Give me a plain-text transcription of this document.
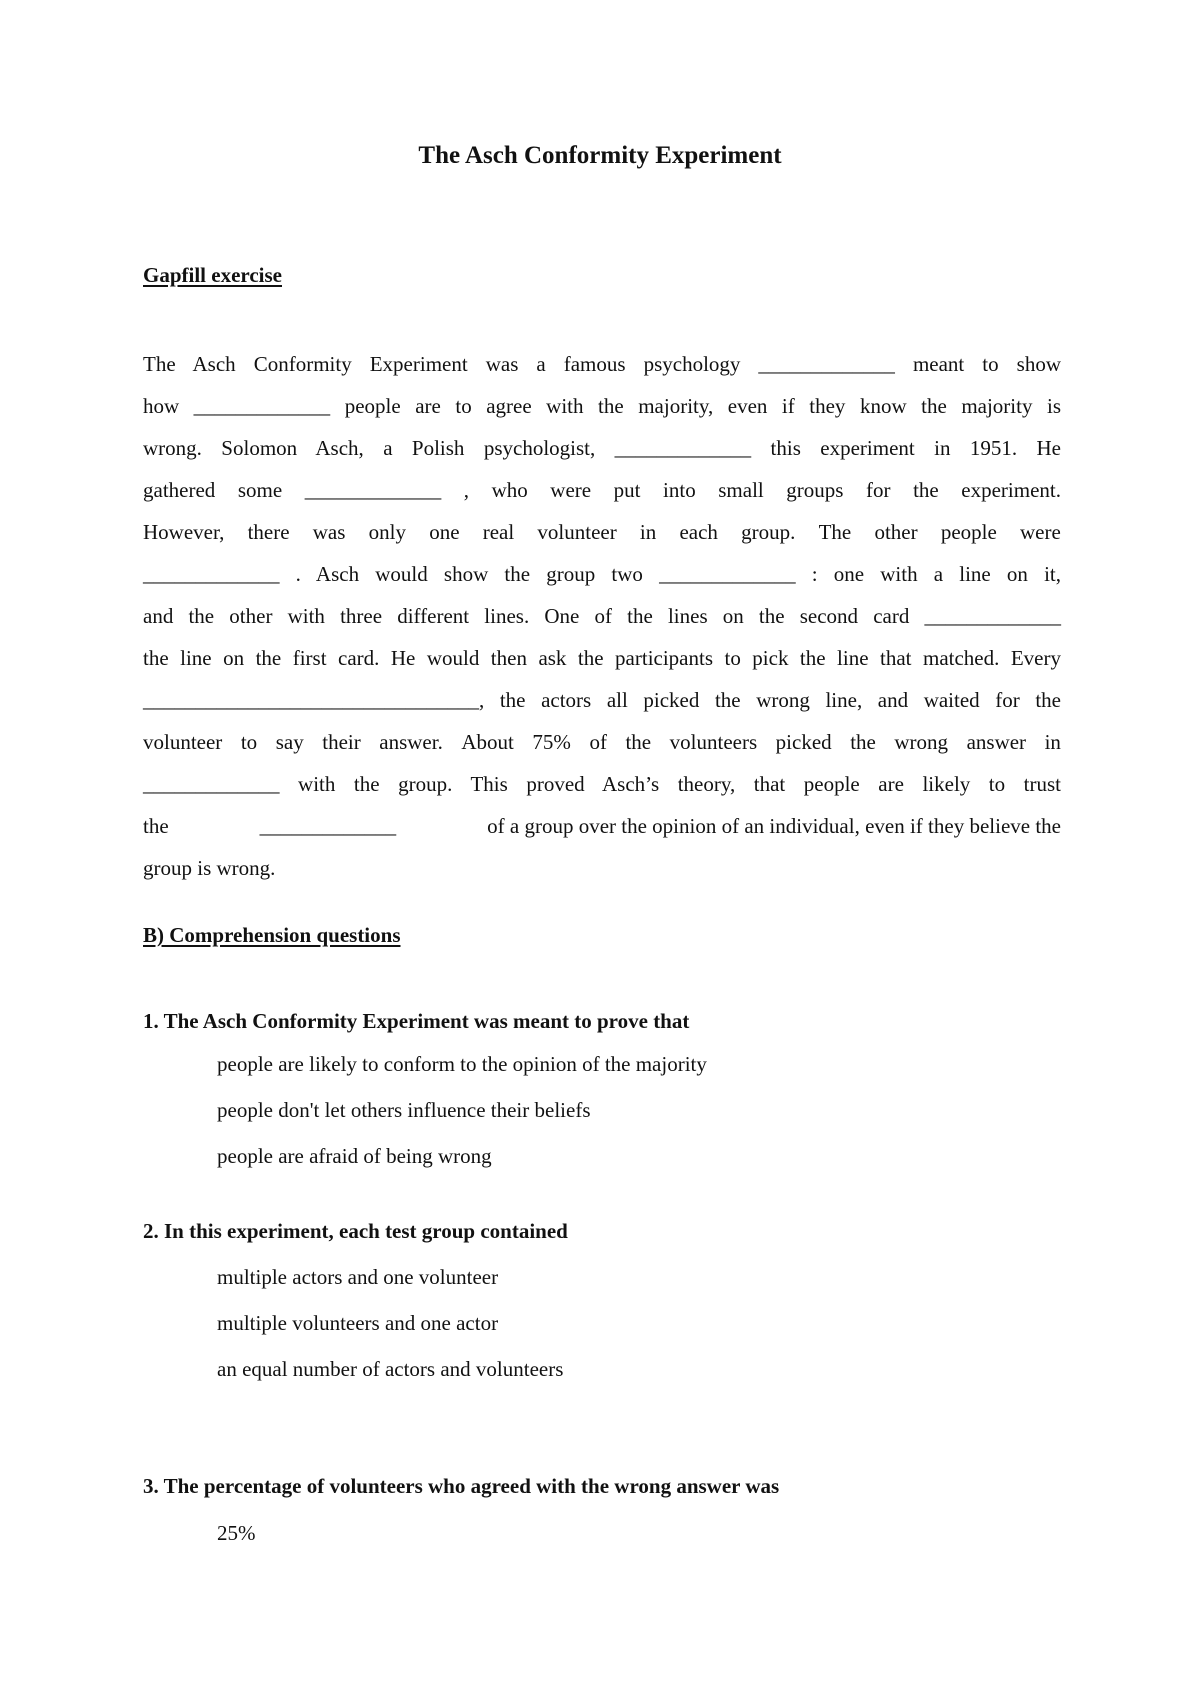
The Asch Conformity Experiment
Gapfill exercise
The Asch Conformity Experiment was a famous psychology _____________ meant to show
how _____________ people are to agree with the majority, even if they know the majority is
wrong. Solomon Asch, a Polish psychologist, _____________ this experiment in 1951. He
gathered some _____________ , who were put into small groups for the experiment.
However, there was only one real volunteer in each group. The other people were
_____________ . Asch would show the group two _____________ : one with a line on it,
and the other with three different lines. One of the lines on the second card _____________
the line on the first card. He would then ask the participants to pick the line that matched. Every
________________________________, the actors all picked the wrong line, and waited for the
volunteer to say their answer. About 75% of the volunteers picked the wrong answer in
_____________ with the group. This proved Asch’s theory, that people are likely to trust
the	_____________	of a group over the opinion of an individual, even if they believe the
group is wrong.
B) Comprehension questions

1. The Asch Conformity Experiment was meant to prove that

people are likely to conform to the opinion of the majority
people don't let others influence their beliefs
people are afraid of being wrong

2. In this experiment, each test group contained

multiple actors and one volunteer
multiple volunteers and one actor
an equal number of actors and volunteers

3. The percentage of volunteers who agreed with the wrong answer was

25%
